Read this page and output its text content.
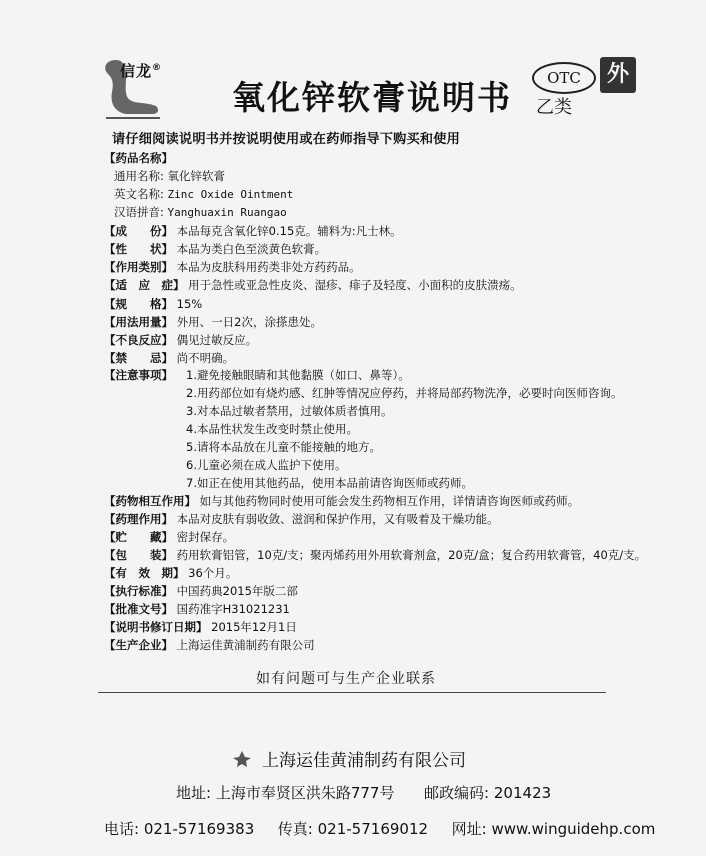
信龙®
氧化锌软膏说明书	OTC
乙类
外
请仔细阅读说明书并按说明使用或在药师指导下购买和使用
【药品名称】
通用名称: 氧化锌软膏
英文名称: Zinc Oxide Ointment
汉语拼音: Yanghuaxin Ruangao
【成　　份】 本品每克含氧化锌0.15克。辅料为:凡士林。
【性　　状】 本品为类白色至淡黄色软膏。
【作用类别】 本品为皮肤科用药类非处方药药品。
【适　应　症】 用于急性或亚急性皮炎、湿疹、痱子及轻度、小面积的皮肤溃疡。
【规　　格】 15%
【用法用量】 外用、一日2次，涂搽患处。
【不良反应】 偶见过敏反应。
【禁　　忌】 尚不明确。
【注意事项】 1.避免接触眼睛和其他黏膜（如口、鼻等）。
2.用药部位如有烧灼感、红肿等情况应停药，并将局部药物洗净，必要时向医师咨询。
3.对本品过敏者禁用，过敏体质者慎用。
4.本品性状发生改变时禁止使用。
5.请将本品放在儿童不能接触的地方。
6.儿童必须在成人监护下使用。
7.如正在使用其他药品，使用本品前请咨询医师或药师。
【药物相互作用】 如与其他药物同时使用可能会发生药物相互作用，详情请咨询医师或药师。
【药理作用】 本品对皮肤有弱收敛、滋润和保护作用，又有吸着及干燥功能。
【贮　　藏】 密封保存。
【包　　装】 药用软膏铝管，10克/支；聚丙烯药用外用软膏剂盒，20克/盒；复合药用软膏管，40克/支。
【有　效　期】 36个月。
【执行标准】 中国药典2015年版二部
【批准文号】 国药准字H31021231
【说明书修订日期】 2015年12月1日
【生产企业】 上海运佳黄浦制药有限公司
如有问题可与生产企业联系
上海运佳黄浦制药有限公司
地址: 上海市奉贤区洪朱路777号 邮政编码: 201423
电话: 021-57169383 传真: 021-57169012 网址: www.winguidehp.com
